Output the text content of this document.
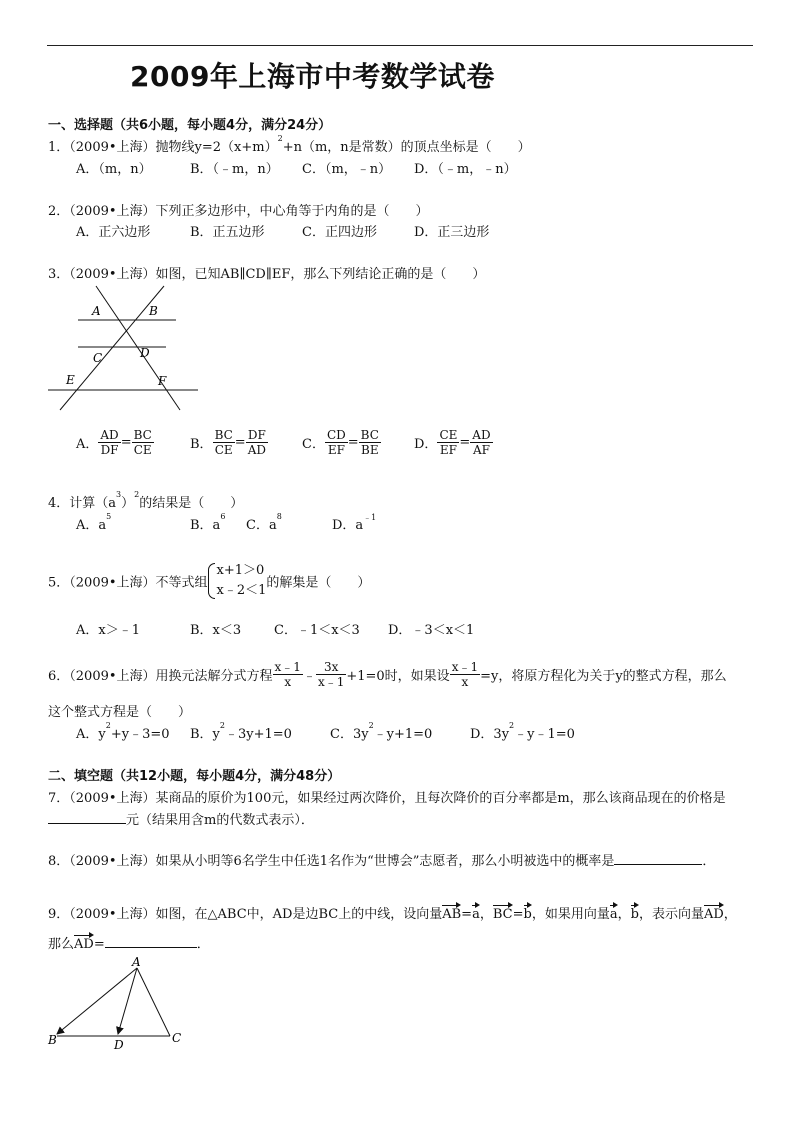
2009年上海市中考数学试卷
一、选择题（共6小题，每小题4分，满分24分）
1．（2009•上海）抛物线$y=2(x+m)^2+n(m$，n是常数）的顶点坐标是（　　）
A．（m，n）	B．（﹣m，n） C．（m，﹣n） D．（﹣m，﹣n）
2．（2009•上海）下列正多边形中，中心角等于内角的是（　　）
A．正六边形	B．正五边形	C．正四边形	D．正三边形
3．（2009•上海）如图，已知AB∥CD∥EF，那么下列结论正确的是（　　）
A	B
C	D
E	F
A． $\frac{AD}{DF} = \frac{BC}{CE}$	B． $\frac{BC}{CE} = \frac{DF}{AD}$	C． $\frac{CD}{EF} = \frac{BC}{BE}$	D． $\frac{CE}{EF} = \frac{AD}{AF}$
4．计算$(a^3)^2$的结果是（　　）
A．$a^5$
B．$a^6$
C．$a^8$
D．$a^{﹣1}$
5．（2009•上海）不等式组
x+1＞0
x﹣2＜1 的解集是（　　）
A．x＞﹣1	B．x＜3	C．﹣1＜x＜3 D．﹣3＜x＜1
6．（2009•上海）用换元法解分式方程 $\frac{x﹣1}{x}$ ﹣ $\frac{3x}{x﹣1} +1=0$时，如果设 $\frac{x﹣1}{x} =y$，将原方程化为关于y的整式方程，那么
这个整式方程是（　　）
A．$y^2+y﹣3=0$ B．$y^2﹣3y+1=0$	C．$3y^2﹣y+1=0$	D．$3y^2﹣y﹣1=0$
二、填空题（共12小题，每小题4分，满分48分）
7．（2009•上海）某商品的原价为100元，如果经过两次降价，且每次降价的百分率都是m，那么该商品现在的价格是
元（结果用含m的代数式表示）．
8．（2009•上海）如果从小明等6名学生中任选1名作为“世博会”志愿者，那么小明被选中的概率是	．
9．（2009•上海）如图，在△ABC中，AD是边BC上的中线，设向量AB=a，BC=b，如果用向量a，b，表示向量AD，
那么AD=	．
A
B	D	C
